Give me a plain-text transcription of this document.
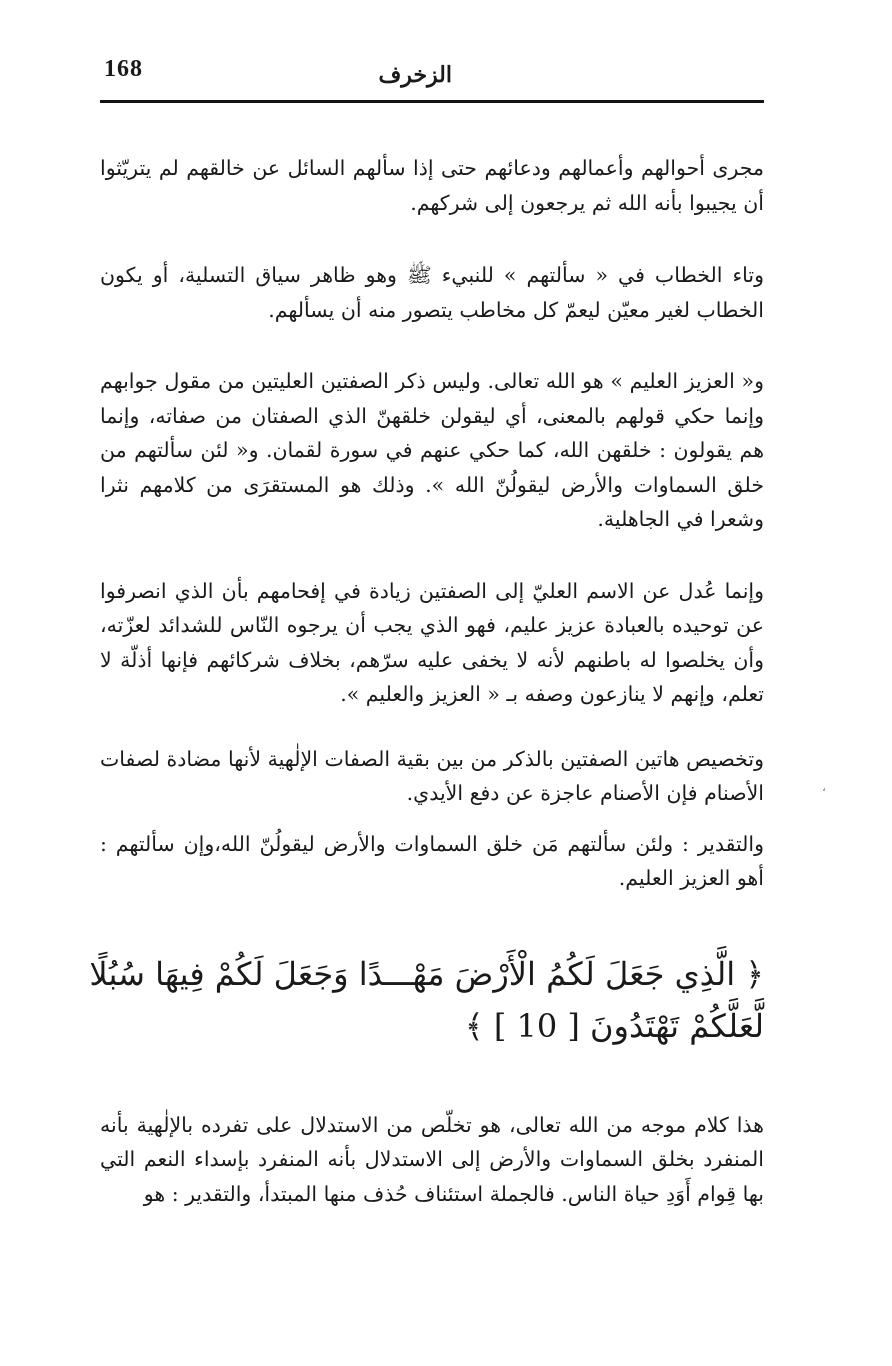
168	الزخرف

مجرى أحوالهم وأعمالهم ودعائهم حتى إذا سألهم السائل عن خالقهم لم يتريّثوا أن يجيبوا بأنه الله ثم يرجعون إلى شركهم.

وتاء الخطاب في « سألتهم » للنبيء ﷺ وهو ظاهر سياق التسلية، أو يكون الخطاب لغير معيّن ليعمّ كل مخاطب يتصور منه أن يسألهم.

و« العزيز العليم » هو الله تعالى. وليس ذكر الصفتين العليتين من مقول جوابهم وإنما حكي قولهم بالمعنى، أي ليقولن خلقهنّ الذي الصفتان من صفاته، وإنما هم يقولون : خلقهن الله، كما حكي عنهم في سورة لقمان. و« لئن سألتهم من خلق السماوات والأرض ليقولُنّ الله ». وذلك هو المستقرَى من كلامهم نثرا وشعرا في الجاهلية.

وإنما عُدل عن الاسم العليّ إلى الصفتين زيادة في إفحامهم بأن الذي انصرفوا عن توحيده بالعبادة عزيز عليم، فهو الذي يجب أن يرجوه النّاس للشدائد لعزّته، وأن يخلصوا له باطنهم لأنه لا يخفى عليه سرّهم، بخلاف شركائهم فإنها أذلّة لا تعلم، وإنهم لا ينازعون وصفه بـ « العزيز والعليم ».

وتخصيص هاتين الصفتين بالذكر من بين بقية الصفات الإلٰهية لأنها مضادة لصفات الأصنام فإن الأصنام عاجزة عن دفع الأيدي.

والتقدير : ولئن سألتهم مَن خلق السماوات والأرض ليقولُنّ الله،وإن سألتهم : أهو العزيز العليم.

﴿ الَّذِي جَعَلَ لَكُمُ الْأَرْضَ مَهْـــدًا وَجَعَلَ لَكُمْ فِيهَا سُبُلًا
لَّعَلَّكُمْ تَهْتَدُونَ [ 10 ] ﴾

هذا كلام موجه من الله تعالى، هو تخلّص من الاستدلال على تفرده بالإلٰهية بأنه المنفرد بخلق السماوات والأرض إلى الاستدلال بأنه المنفرد بإسداء النعم التي بها قِوام أَوَدِ حياة الناس. فالجملة استئناف حُذف منها المبتدأ، والتقدير : هو

،
